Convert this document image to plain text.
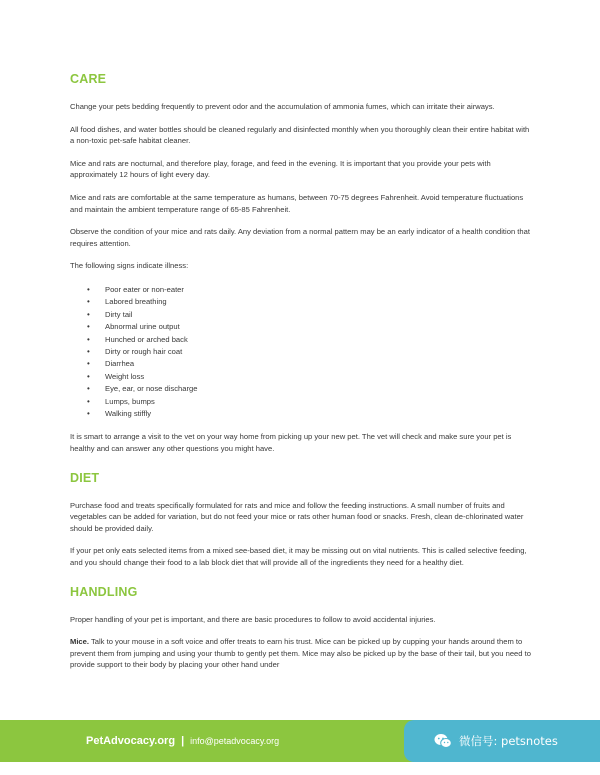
CARE

Change your pets bedding frequently to prevent odor and the accumulation of ammonia fumes, which can irritate their airways.

All food dishes, and water bottles should be cleaned regularly and disinfected monthly when you thoroughly clean their entire habitat with a non-toxic pet-safe habitat cleaner.

Mice and rats are nocturnal, and therefore play, forage, and feed in the evening. It is important that you provide your pets with approximately 12 hours of light every day.

Mice and rats are comfortable at the same temperature as humans, between 70-75 degrees Fahrenheit. Avoid temperature fluctuations and maintain the ambient temperature range of 65-85 Fahrenheit.

Observe the condition of your mice and rats daily. Any deviation from a normal pattern may be an early indicator of a health condition that requires attention.

The following signs indicate illness:

• Poor eater or non-eater
• Labored breathing
• Dirty tail
• Abnormal urine output
• Hunched or arched back
• Dirty or rough hair coat
• Diarrhea
• Weight loss
• Eye, ear, or nose discharge
• Lumps, bumps
• Walking stiffly

It is smart to arrange a visit to the vet on your way home from picking up your new pet. The vet will check and make sure your pet is healthy and can answer any other questions you might have.

DIET

Purchase food and treats specifically formulated for rats and mice and follow the feeding instructions. A small number of fruits and vegetables can be added for variation, but do not feed your mice or rats other human food or snacks. Fresh, clean de-chlorinated water should be provided daily.

If your pet only eats selected items from a mixed see-based diet, it may be missing out on vital nutrients. This is called selective feeding, and you should change their food to a lab block diet that will provide all of the ingredients they need for a healthy diet.

HANDLING

Proper handling of your pet is important, and there are basic procedures to follow to avoid accidental injuries.

Mice. Talk to your mouse in a soft voice and offer treats to earn his trust. Mice can be picked up by cupping your hands around them to prevent them from jumping and using your thumb to gently pet them. Mice may also be picked up by the base of their tail, but you need to provide support to their body by placing your other hand under

PetAdvocacy.org | info@petadvocacy.org	微信号: petsnotes
